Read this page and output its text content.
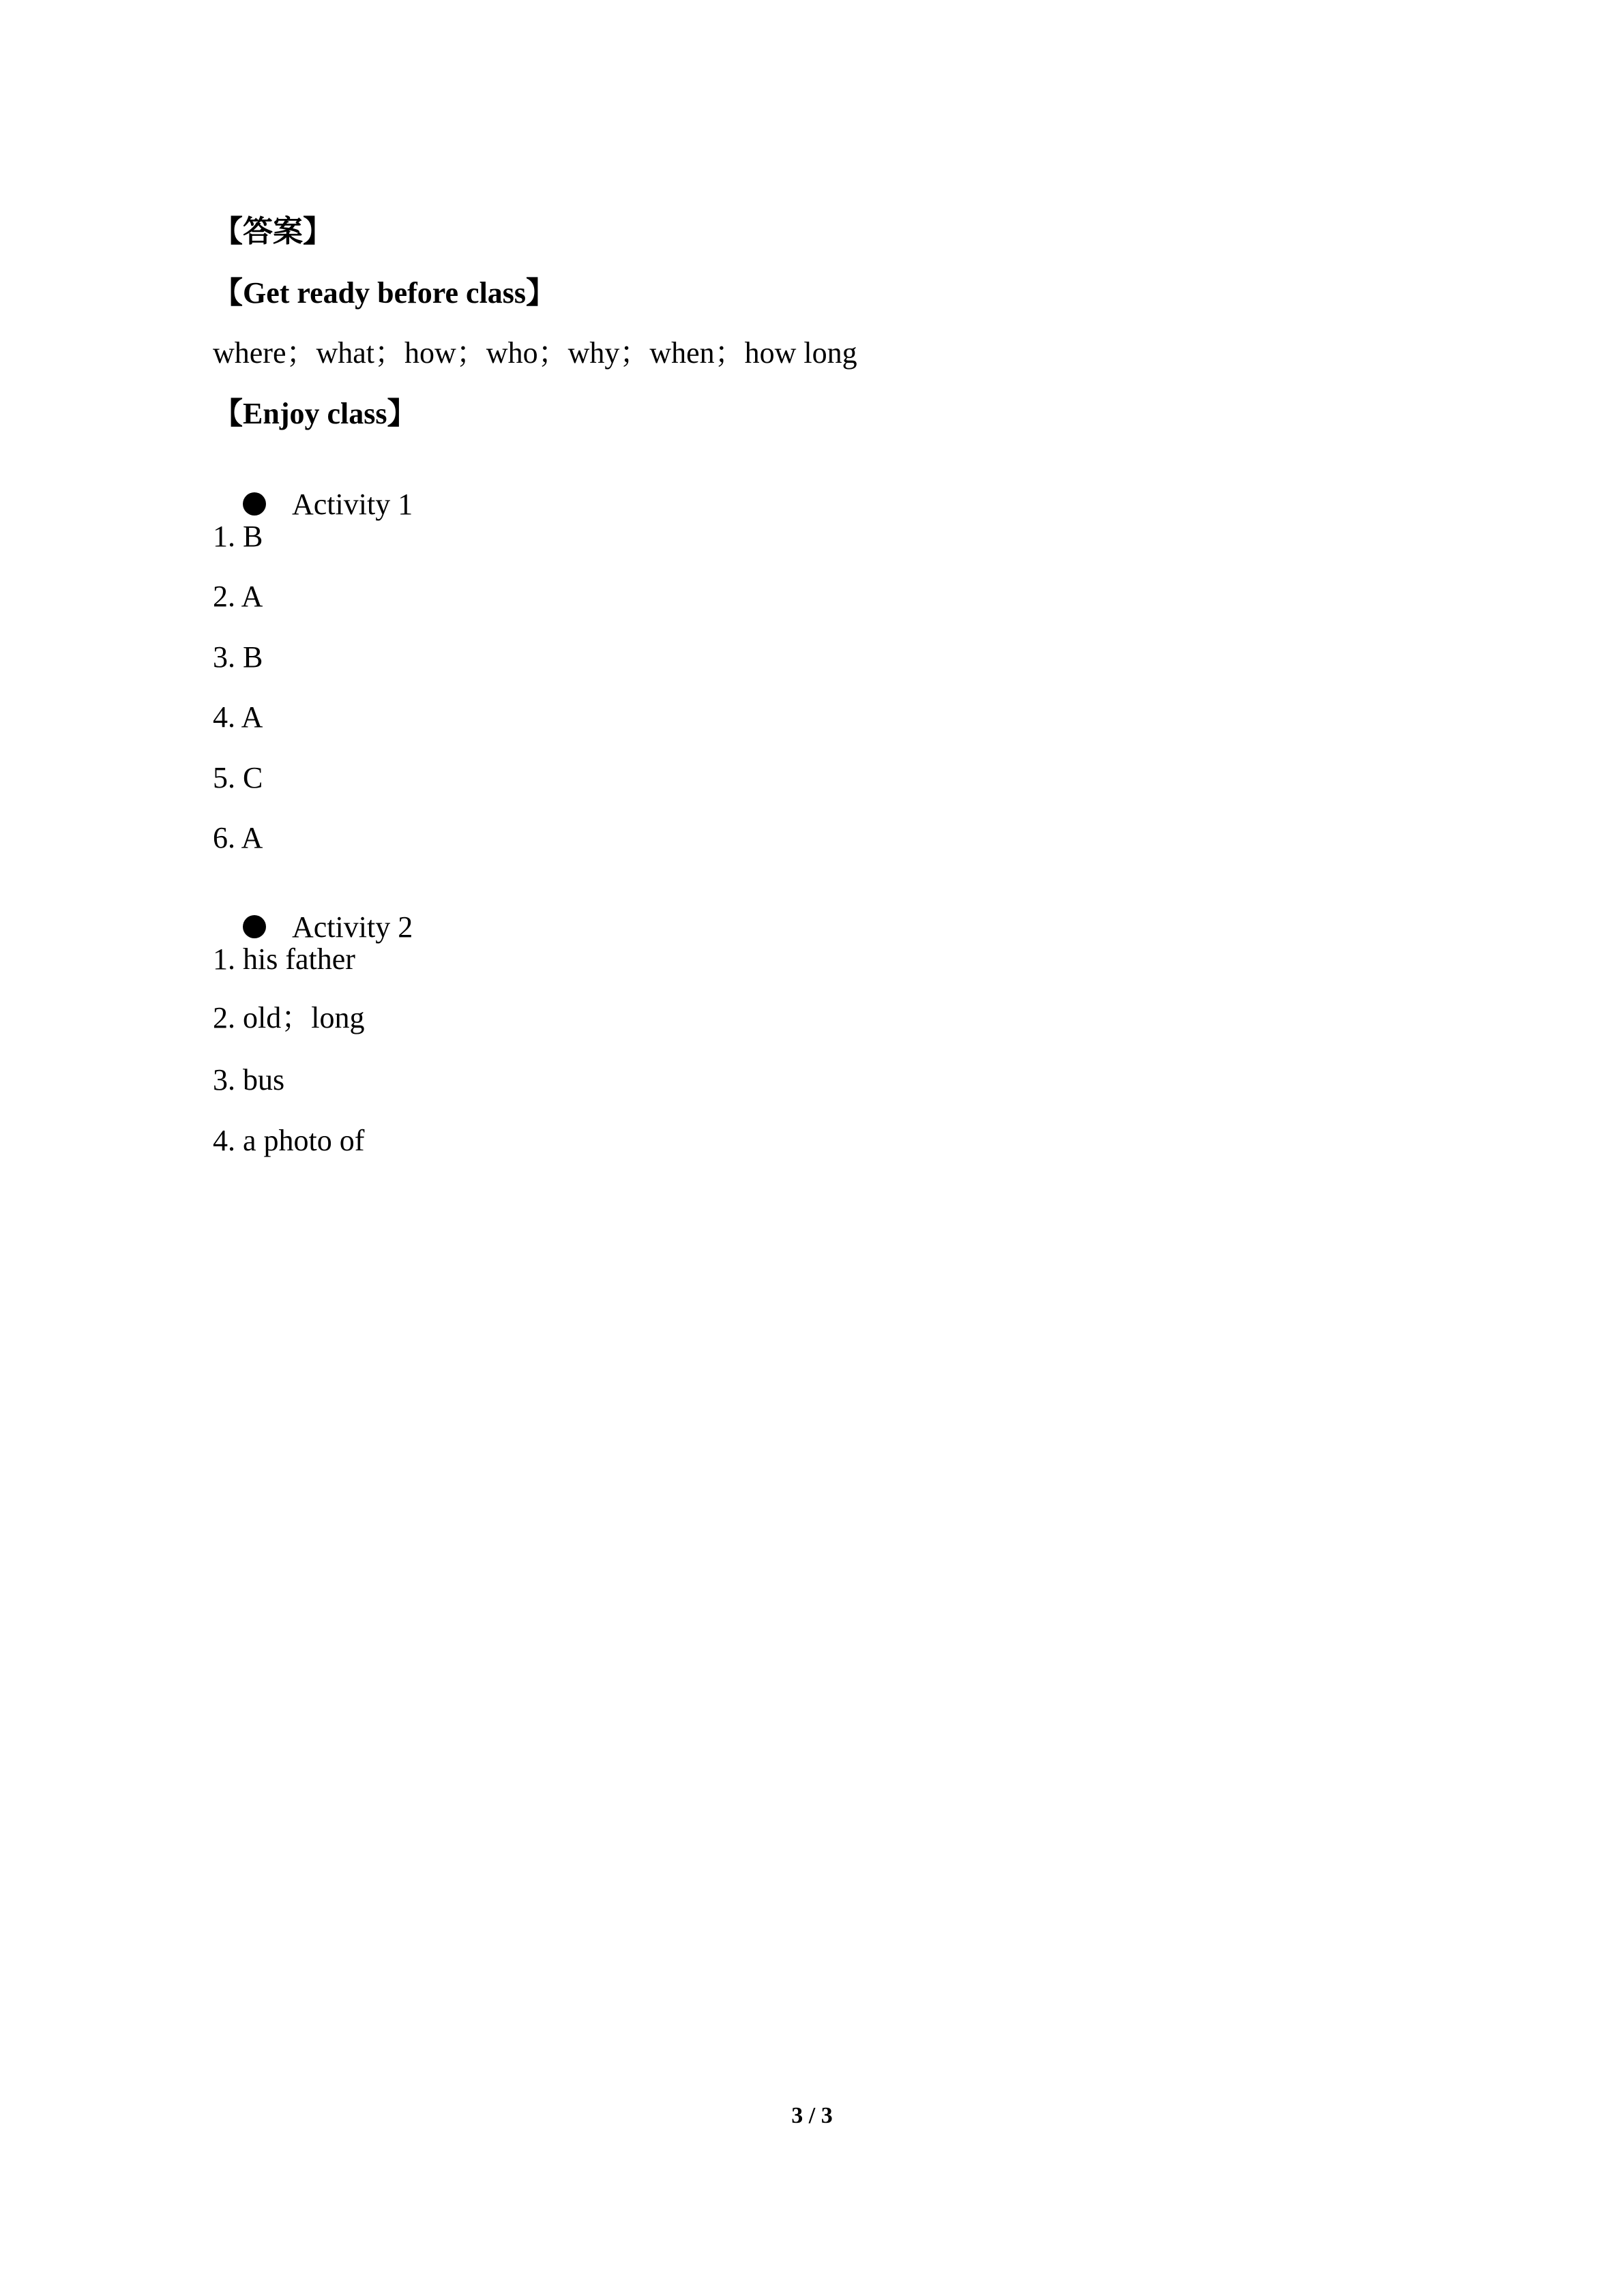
【答案】
【Get ready before class】
where；what；how；who；why；when；how long
【Enjoy class】

Activity 1

1. B
2. A
3. B
4. A
5. C
6. A

Activity 2

1. his father
2. old；long
3. bus
4. a photo of
3 / 3
